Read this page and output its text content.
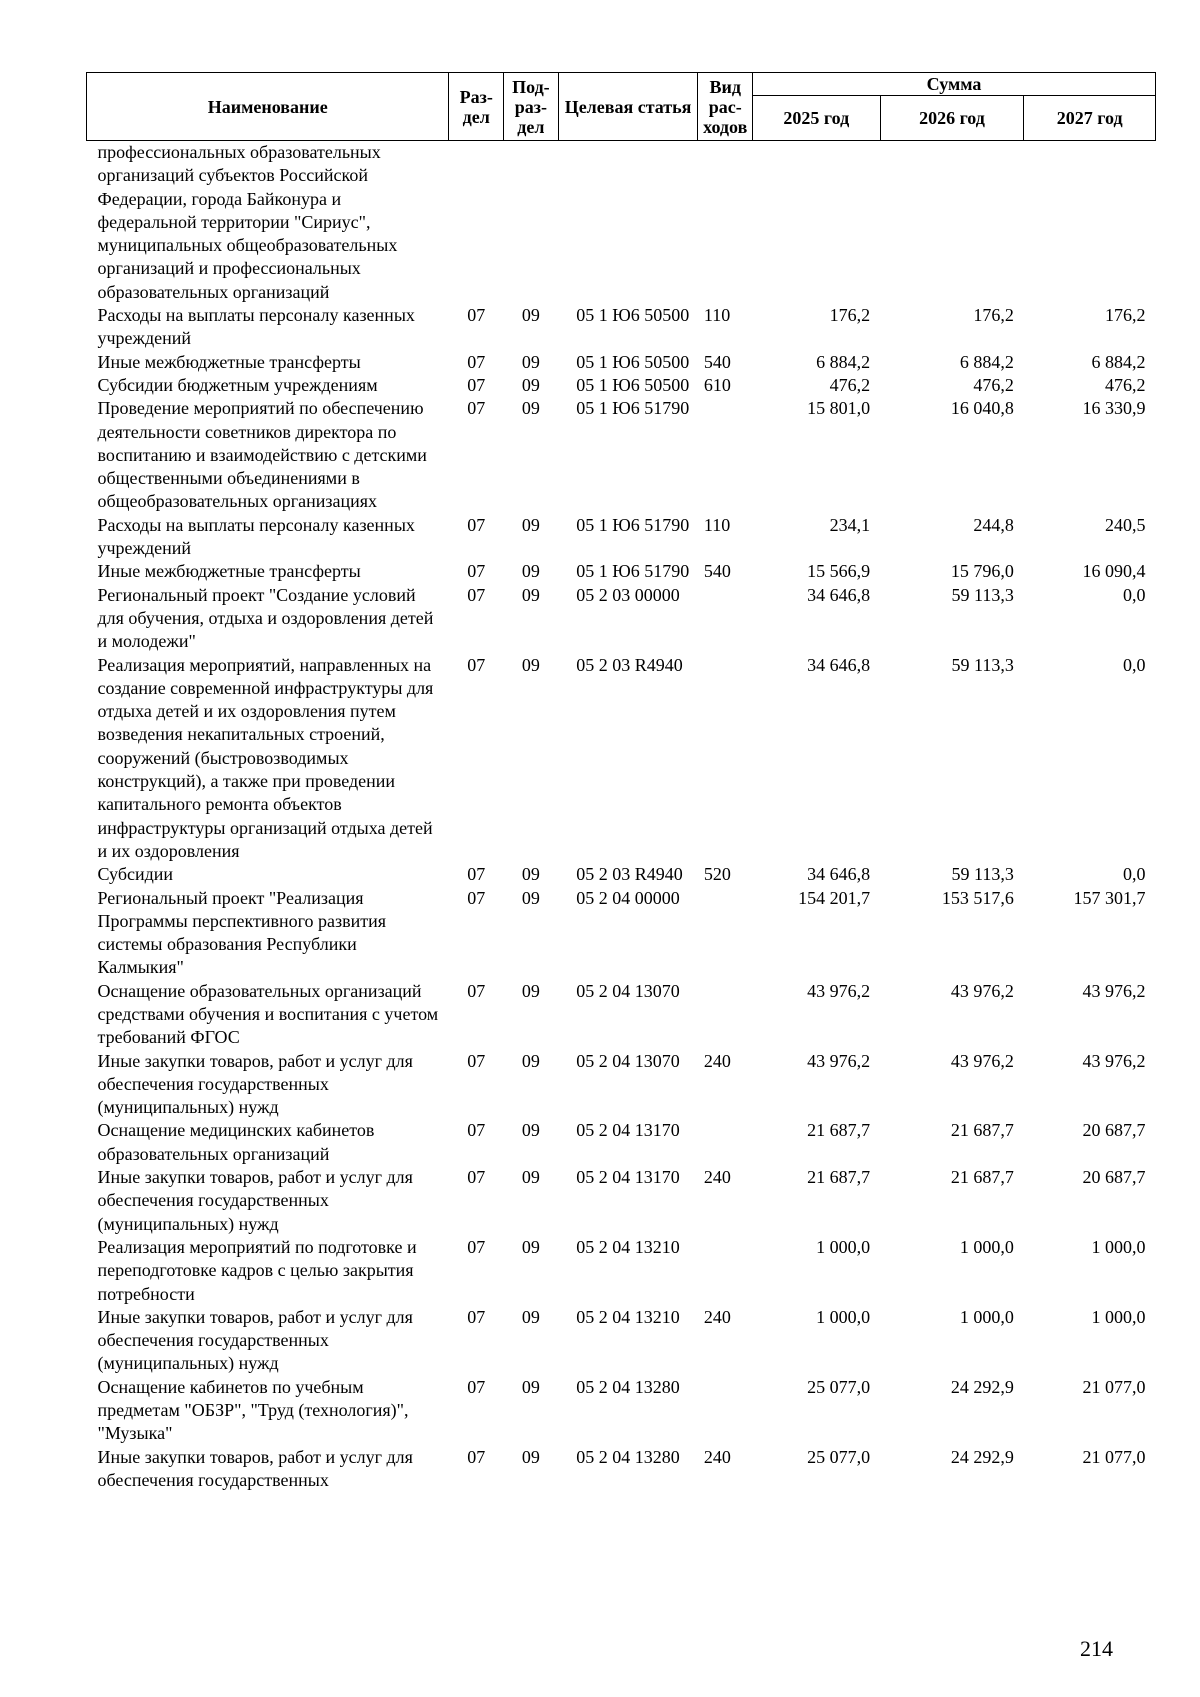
Наименование	Раз-дел	Под-раз-дел	Целевая статья	Вид рас-ходов	Сумма		
					2025 год	2026 год	2027 год
профессиональных образовательных организаций субъектов Российской Федерации, города Байконура и федеральной территории "Сириус", муниципальных общеобразовательных организаций и профессиональных образовательных организаций							
Расходы на выплаты персоналу казенных учреждений	07	09	05 1 Ю6 50500	110	176,2	176,2	176,2
Иные межбюджетные трансферты	07	09	05 1 Ю6 50500	540	6 884,2	6 884,2	6 884,2
Субсидии бюджетным учреждениям	07	09	05 1 Ю6 50500	610	476,2	476,2	476,2
Проведение мероприятий по обеспечению деятельности советников директора по воспитанию и взаимодействию с детскими общественными объединениями в общеобразовательных организациях	07	09	05 1 Ю6 51790		15 801,0	16 040,8	16 330,9
Расходы на выплаты персоналу казенных учреждений	07	09	05 1 Ю6 51790	110	234,1	244,8	240,5
Иные межбюджетные трансферты	07	09	05 1 Ю6 51790	540	15 566,9	15 796,0	16 090,4
Региональный проект "Создание условий для обучения, отдыха и оздоровления детей и молодежи"	07	09	05 2 03 00000		34 646,8	59 113,3	0,0
Реализация мероприятий, направленных на создание современной инфраструктуры для отдыха детей и их оздоровления путем возведения некапитальных строений, сооружений (быстровозводимых конструкций), а также при проведении капитального ремонта объектов инфраструктуры организаций отдыха детей и их оздоровления	07	09	05 2 03 R4940		34 646,8	59 113,3	0,0
Субсидии	07	09	05 2 03 R4940	520	34 646,8	59 113,3	0,0
Региональный проект "Реализация Программы перспективного развития системы образования Республики Калмыкия"	07	09	05 2 04 00000		154 201,7	153 517,6	157 301,7
Оснащение образовательных организаций средствами обучения и воспитания с учетом требований ФГОС	07	09	05 2 04 13070		43 976,2	43 976,2	43 976,2
Иные закупки товаров, работ и услуг для обеспечения государственных (муниципальных) нужд	07	09	05 2 04 13070	240	43 976,2	43 976,2	43 976,2
Оснащение медицинских кабинетов образовательных организаций	07	09	05 2 04 13170		21 687,7	21 687,7	20 687,7
Иные закупки товаров, работ и услуг для обеспечения государственных (муниципальных) нужд	07	09	05 2 04 13170	240	21 687,7	21 687,7	20 687,7
Реализация мероприятий по подготовке и переподготовке кадров с целью закрытия потребности	07	09	05 2 04 13210		1 000,0	1 000,0	1 000,0
Иные закупки товаров, работ и услуг для обеспечения государственных (муниципальных) нужд	07	09	05 2 04 13210	240	1 000,0	1 000,0	1 000,0
Оснащение кабинетов по учебным предметам "ОБЗР", "Труд (технология)", "Музыка"	07	09	05 2 04 13280		25 077,0	24 292,9	21 077,0
Иные закупки товаров, работ и услуг для обеспечения государственных	07	09	05 2 04 13280	240	25 077,0	24 292,9	21 077,0
214
